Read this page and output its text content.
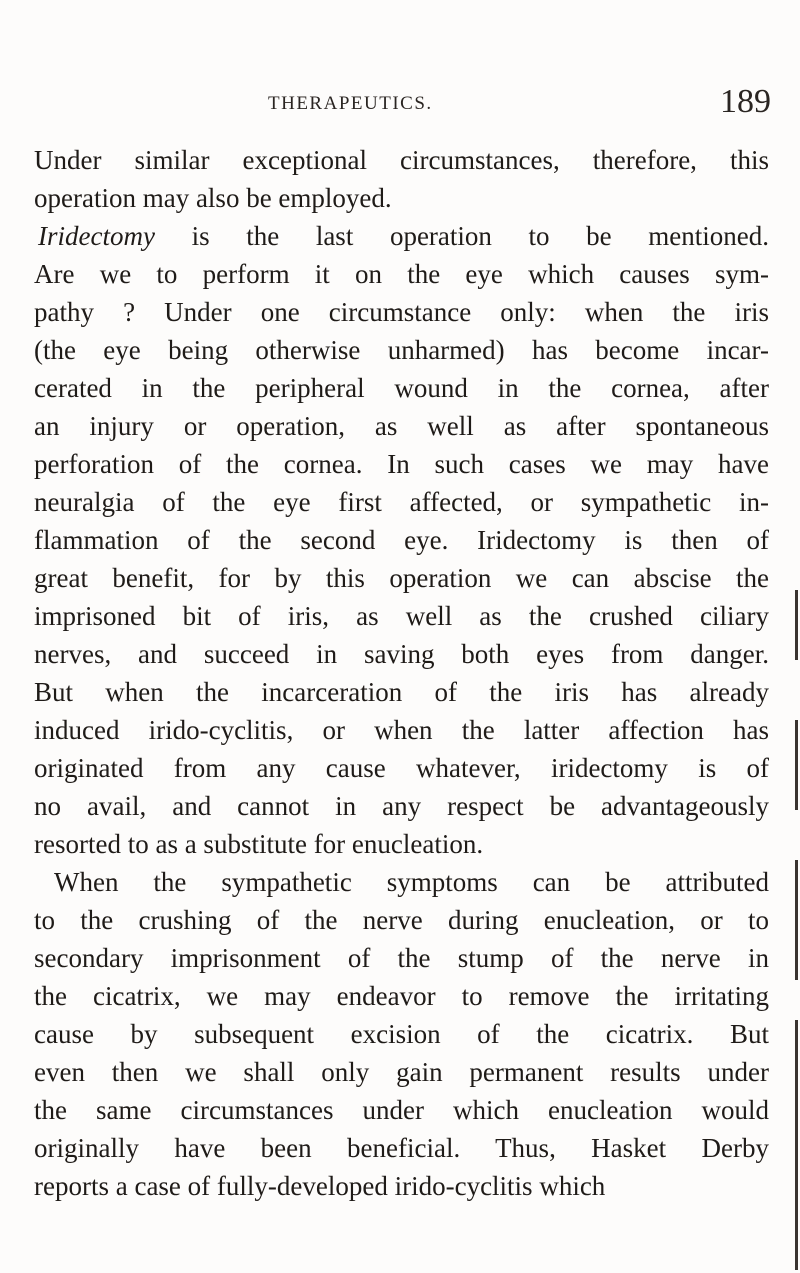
THERAPEUTICS.	189
Under similar exceptional circumstances, therefore, this
operation may also be employed.
Iridectomy is the last operation to be mentioned.
Are we to perform it on the eye which causes sym-
pathy ? Under one circumstance only: when the iris
(the eye being otherwise unharmed) has become incar-
cerated in the peripheral wound in the cornea, after
an injury or operation, as well as after spontaneous
perforation of the cornea. In such cases we may have
neuralgia of the eye first affected, or sympathetic in-
flammation of the second eye. Iridectomy is then of
great benefit, for by this operation we can abscise the
imprisoned bit of iris, as well as the crushed ciliary
nerves, and succeed in saving both eyes from danger.
But when the incarceration of the iris has already
induced irido-cyclitis, or when the latter affection has
originated from any cause whatever, iridectomy is of
no avail, and cannot in any respect be advantageously
resorted to as a substitute for enucleation.
When the sympathetic symptoms can be attributed
to the crushing of the nerve during enucleation, or to
secondary imprisonment of the stump of the nerve in
the cicatrix, we may endeavor to remove the irritating
cause by subsequent excision of the cicatrix. But
even then we shall only gain permanent results under
the same circumstances under which enucleation would
originally have been beneficial. Thus, Hasket Derby
reports a case of fully-developed irido-cyclitis which
